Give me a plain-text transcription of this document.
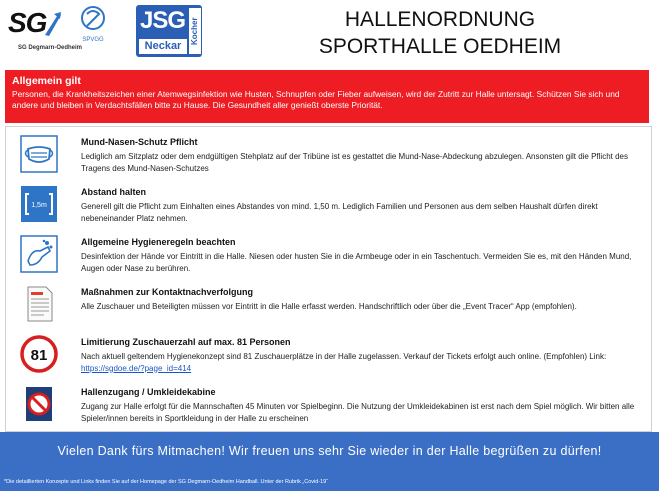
SG
SG Degmarn-Oedheim
SPVGG
JSG
Neckar
Kocher	HALLENORDNUNG
SPORTHALLE OEDHEIM
Allgemein gilt
Personen, die Krankheitszeichen einer Atemwegsinfektion wie Husten, Schnupfen oder Fieber aufweisen, wird der Zutritt zur Halle untersagt. Schützen Sie sich und andere und bleiben in Verdachtsfällen bitte zu Hause. Die Gesundheit aller genießt oberste Priorität.
Mund-Nasen-Schutz Pflicht
Lediglich am Sitzplatz oder dem endgültigen Stehplatz auf der Tribüne ist es gestattet die Mund-Nase-Abdeckung abzulegen. Ansonsten gilt die Pflicht des Tragens des Mund-Nasen-Schutzes
1,5m
Abstand halten
Generell gilt die Pflicht zum Einhalten eines Abstandes von mind. 1,50 m. Lediglich Familien und Personen aus dem selben Haushalt dürfen direkt nebeneinander Platz nehmen.
Allgemeine Hygieneregeln beachten
Desinfektion der Hände vor Eintritt in die Halle. Niesen oder husten Sie in die Armbeuge oder in ein Taschentuch. Vermeiden Sie es, mit den Händen Mund, Augen oder Nase zu berühren.
Maßnahmen zur Kontaktnachverfolgung
Alle Zuschauer und Beteiligten müssen vor Eintritt in die Halle erfasst werden. Handschriftlich oder über die „Event Tracer“ App (empfohlen).
81
Limitierung Zuschauerzahl auf max. 81 Personen
Nach aktuell geltendem Hygienekonzept sind 81 Zuschauerplätze in der Halle zugelassen. Verkauf der Tickets erfolgt auch online. (Empfohlen) Link: https://sgdoe.de/?page_id=414
Hallenzugang / Umkleidekabine
Zugang zur Halle erfolgt für die Mannschaften 45 Minuten vor Spielbeginn. Die Nutzung der Umkleidekabinen ist erst nach dem Spiel möglich. Wir bitten alle Spieler/innen bereits in Sportkleidung in der Halle zu erscheinen
Vielen Dank fürs Mitmachen! Wir freuen uns sehr Sie wieder in der Halle begrüßen zu dürfen!
*Die detaillierten Konzepte und Links finden Sie auf der Homepage der SG Degmarn-Oedheim Handball. Unter der Rubrik „Covid-19“
